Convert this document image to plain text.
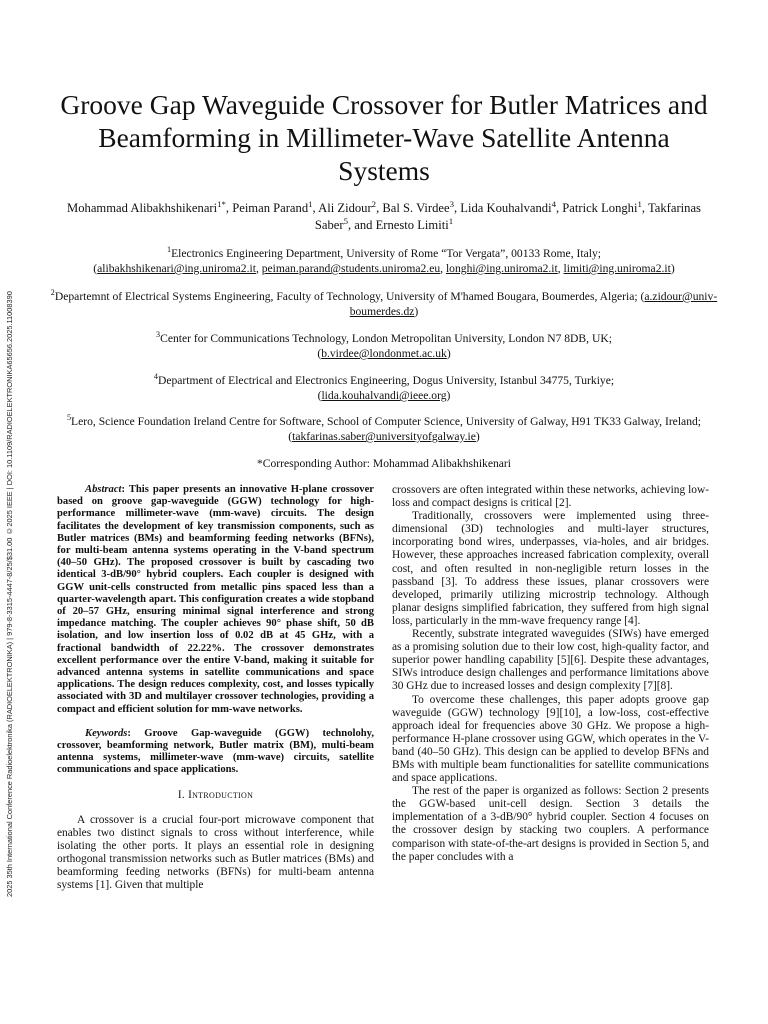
2025 35th International Conference Radioelektronika (RADIOELEKTRONIKA) | 979-8-3315-4447-8/25/$31.00 ©2025 IEEE | DOI: 10.1109/RADIOELEKTRONIKA65656.2025.11008390
Groove Gap Waveguide Crossover for Butler Matrices and Beamforming in Millimeter-Wave Satellite Antenna Systems
Mohammad Alibakhshikenari$^{1*}$, Peiman Parand$^1$, Ali Zidour$^2$, Bal S. Virdee$^3$, Lida Kouhalvandi$^4$, Patrick Longhi$^1$, Takfarinas Saber$^5$, and Ernesto Limiti$^1$
$^1$Electronics Engineering Department, University of Rome “Tor Vergata”, 00133 Rome, Italy;
(alibakhshikenari@ing.uniroma2.it, peiman.parand@students.uniroma2.eu, longhi@ing.uniroma2.it, limiti@ing.uniroma2.it)
$^2$Departemnt of Electrical Systems Engineering, Faculty of Technology, University of M'hamed Bougara, Boumerdes, Algeria; (a.zidour@univ-boumerdes.dz)
$^3$Center for Communications Technology, London Metropolitan University, London N7 8DB, UK;
(b.virdee@londonmet.ac.uk)
$^4$Department of Electrical and Electronics Engineering, Dogus University, Istanbul 34775, Turkiye;
(lida.kouhalvandi@ieee.org)
$^5$Lero, Science Foundation Ireland Centre for Software, School of Computer Science, University of Galway, H91 TK33 Galway, Ireland; (takfarinas.saber@universityofgalway.ie)
*Corresponding Author: Mohammad Alibakhshikenari

Abstract: This paper presents an innovative H-plane crossover based on groove gap-waveguide (GGW) technology for high-performance millimeter-wave (mm-wave) circuits. The design facilitates the development of key transmission components, such as Butler matrices (BMs) and beamforming feeding networks (BFNs), for multi-beam antenna systems operating in the V-band spectrum (40–50 GHz). The proposed crossover is built by cascading two identical 3-dB/90° hybrid couplers. Each coupler is designed with GGW unit-cells constructed from metallic pins spaced less than a quarter-wavelength apart. This configuration creates a wide stopband of 20–57 GHz, ensuring minimal signal interference and strong impedance matching. The coupler achieves 90° phase shift, 50 dB isolation, and low insertion loss of 0.02 dB at 45 GHz, with a fractional bandwidth of 22.22%. The crossover demonstrates excellent performance over the entire V-band, making it suitable for advanced antenna systems in satellite communications and space applications. The design reduces complexity, cost, and losses typically associated with 3D and multilayer crossover technologies, providing a compact and efficient solution for mm-wave networks.

Keywords: Groove Gap-waveguide (GGW) technolohy, crossover, beamforming network, Butler matrix (BM), multi-beam antenna systems, millimeter-wave (mm-wave) circuits, satellite communications and space applications.

I. Introduction

A crossover is a crucial four-port microwave component that enables two distinct signals to cross without interference, while isolating the other ports. It plays an essential role in designing orthogonal transmission networks such as Butler matrices (BMs) and beamforming feeding networks (BFNs) for multi-beam antenna systems [1]. Given that multiple

crossovers are often integrated within these networks, achieving low-loss and compact designs is critical [2].

Traditionally, crossovers were implemented using three-dimensional (3D) technologies and multi-layer structures, incorporating bond wires, underpasses, via-holes, and air bridges. However, these approaches increased fabrication complexity, overall cost, and often resulted in non-negligible return losses in the passband [3]. To address these issues, planar crossovers were developed, primarily utilizing microstrip technology. Although planar designs simplified fabrication, they suffered from high signal loss, particularly in the mm-wave frequency range [4].

Recently, substrate integrated waveguides (SIWs) have emerged as a promising solution due to their low cost, high-quality factor, and superior power handling capability [5][6]. Despite these advantages, SIWs introduce design challenges and performance limitations above 30 GHz due to increased losses and design complexity [7][8].

To overcome these challenges, this paper adopts groove gap waveguide (GGW) technology [9][10], a low-loss, cost-effective approach ideal for frequencies above 30 GHz. We propose a high-performance H-plane crossover using GGW, which operates in the V-band (40–50 GHz). This design can be applied to develop BFNs and BMs with multiple beam functionalities for satellite communications and space applications.

The rest of the paper is organized as follows: Section 2 presents the GGW-based unit-cell design. Section 3 details the implementation of a 3-dB/90° hybrid coupler. Section 4 focuses on the crossover design by stacking two couplers. A performance comparison with state-of-the-art designs is provided in Section 5, and the paper concludes with a
